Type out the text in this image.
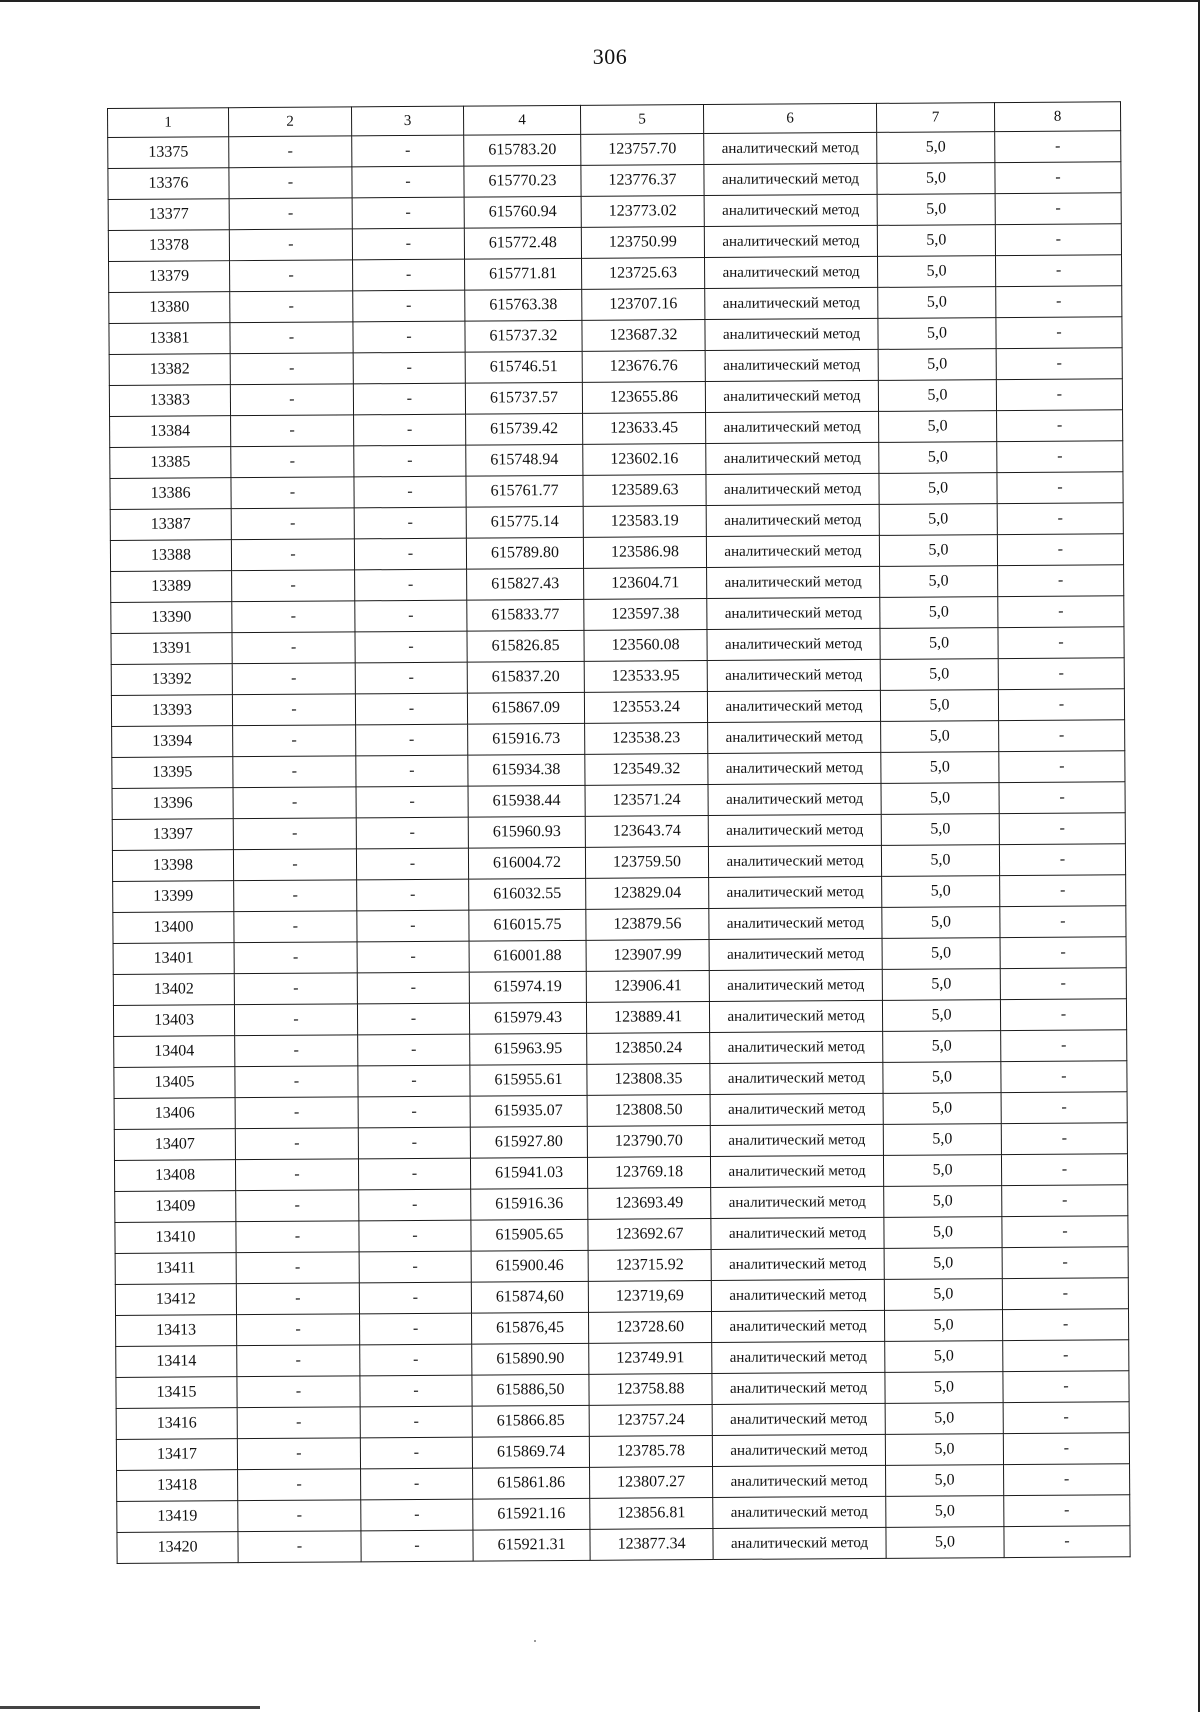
306
1	2	3	4	5	6	7	8
13375	-	-	615783.20	123757.70	аналитический метод	5,0	-
13376	-	-	615770.23	123776.37	аналитический метод	5,0	-
13377	-	-	615760.94	123773.02	аналитический метод	5,0	-
13378	-	-	615772.48	123750.99	аналитический метод	5,0	-
13379	-	-	615771.81	123725.63	аналитический метод	5,0	-
13380	-	-	615763.38	123707.16	аналитический метод	5,0	-
13381	-	-	615737.32	123687.32	аналитический метод	5,0	-
13382	-	-	615746.51	123676.76	аналитический метод	5,0	-
13383	-	-	615737.57	123655.86	аналитический метод	5,0	-
13384	-	-	615739.42	123633.45	аналитический метод	5,0	-
13385	-	-	615748.94	123602.16	аналитический метод	5,0	-
13386	-	-	615761.77	123589.63	аналитический метод	5,0	-
13387	-	-	615775.14	123583.19	аналитический метод	5,0	-
13388	-	-	615789.80	123586.98	аналитический метод	5,0	-
13389	-	-	615827.43	123604.71	аналитический метод	5,0	-
13390	-	-	615833.77	123597.38	аналитический метод	5,0	-
13391	-	-	615826.85	123560.08	аналитический метод	5,0	-
13392	-	-	615837.20	123533.95	аналитический метод	5,0	-
13393	-	-	615867.09	123553.24	аналитический метод	5,0	-
13394	-	-	615916.73	123538.23	аналитический метод	5,0	-
13395	-	-	615934.38	123549.32	аналитический метод	5,0	-
13396	-	-	615938.44	123571.24	аналитический метод	5,0	-
13397	-	-	615960.93	123643.74	аналитический метод	5,0	-
13398	-	-	616004.72	123759.50	аналитический метод	5,0	-
13399	-	-	616032.55	123829.04	аналитический метод	5,0	-
13400	-	-	616015.75	123879.56	аналитический метод	5,0	-
13401	-	-	616001.88	123907.99	аналитический метод	5,0	-
13402	-	-	615974.19	123906.41	аналитический метод	5,0	-
13403	-	-	615979.43	123889.41	аналитический метод	5,0	-
13404	-	-	615963.95	123850.24	аналитический метод	5,0	-
13405	-	-	615955.61	123808.35	аналитический метод	5,0	-
13406	-	-	615935.07	123808.50	аналитический метод	5,0	-
13407	-	-	615927.80	123790.70	аналитический метод	5,0	-
13408	-	-	615941.03	123769.18	аналитический метод	5,0	-
13409	-	-	615916.36	123693.49	аналитический метод	5,0	-
13410	-	-	615905.65	123692.67	аналитический метод	5,0	-
13411	-	-	615900.46	123715.92	аналитический метод	5,0	-
13412	-	-	615874,60	123719,69	аналитический метод	5,0	-
13413	-	-	615876,45	123728.60	аналитический метод	5,0	-
13414	-	-	615890.90	123749.91	аналитический метод	5,0	-
13415	-	-	615886,50	123758.88	аналитический метод	5,0	-
13416	-	-	615866.85	123757.24	аналитический метод	5,0	-
13417	-	-	615869.74	123785.78	аналитический метод	5,0	-
13418	-	-	615861.86	123807.27	аналитический метод	5,0	-
13419	-	-	615921.16	123856.81	аналитический метод	5,0	-
13420	-	-	615921.31	123877.34	аналитический метод	5,0	-
